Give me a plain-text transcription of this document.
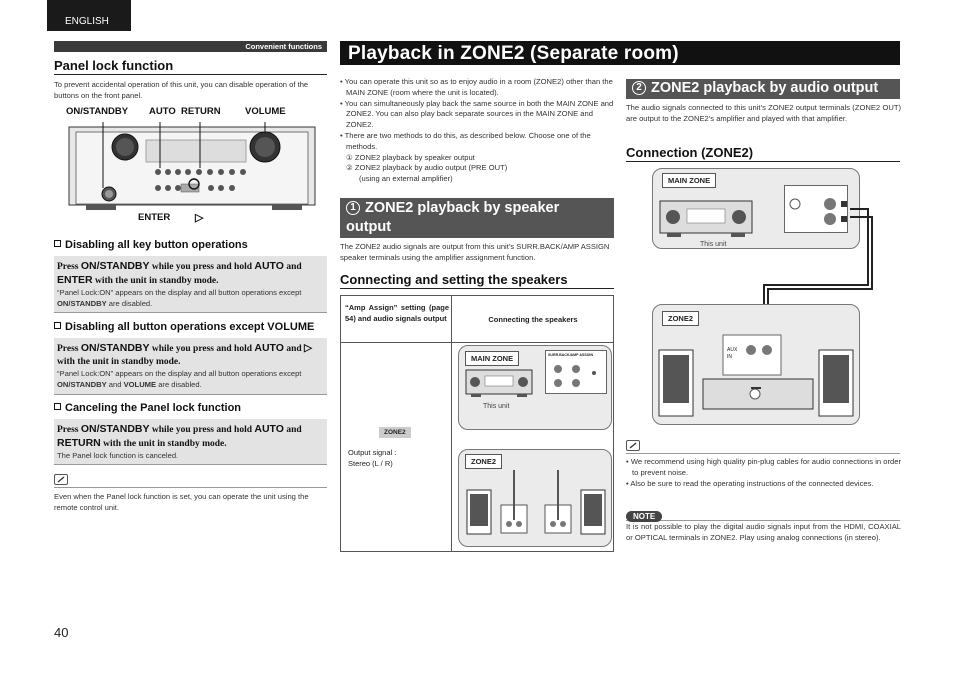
ENGLISH
Convenient functions	Playback in ZONE2 (Separate room)
Panel lock function
To prevent accidental operation of this unit, you can disable operation of the buttons on the front panel.
ON/STANDBY AUTO RETURN	VOLUME
ENTER ▷
Disabling all key button operations
Press ON/STANDBY while you press and hold AUTO and ENTER with the unit in standby mode.
“Panel Lock:ON” appears on the display and all button operations except ON/STANDBY are disabled.
Disabling all button operations except VOLUME
Press ON/STANDBY while you press and hold AUTO and ▷ with the unit in standby mode.
“Panel Lock:ON” appears on the display and all button operations except ON/STANDBY and VOLUME are disabled.
Canceling the Panel lock function
Press ON/STANDBY while you press and hold AUTO and RETURN with the unit in standby mode.
The Panel lock function is canceled.
Even when the Panel lock function is set, you can operate the unit using the remote control unit.
40
• You can operate this unit so as to enjoy audio in a room (ZONE2) other than the MAIN ZONE (room where the unit is located).
• You can simultaneously play back the same source in both the MAIN ZONE and ZONE2. You can also play back separate sources in the MAIN ZONE and ZONE2.
• There are two methods to do this, as described below. Choose one of the methods.
① ZONE2 playback by speaker output
② ZONE2 playback by audio output (PRE OUT)
(using an external amplifier)
1 ZONE2 playback by speaker output
The ZONE2 audio signals are output from this unit’s SURR.BACK/AMP ASSIGN speaker terminals using the amplifier assignment function.
Connecting and setting the speakers
“Amp Assign” setting (page 54) and audio signals output	Connecting the speakers
ZONE2
Output signal :
Stereo (L / R)
MAIN ZONE
This unit
SURR.BACK/AMP ASSIGN
ZONE2
2 ZONE2 playback by audio output
The audio signals connected to this unit’s ZONE2 output terminals (ZONE2 OUT) are output to the ZONE2’s amplifier and played with that amplifier.
Connection (ZONE2)
MAIN ZONE
This unit
ZONE2
AUX IN
• We recommend using high quality pin-plug cables for audio connections in order to prevent noise.
• Also be sure to read the operating instructions of the connected devices.
NOTE
It is not possible to play the digital audio signals input from the HDMI, COAXIAL or OPTICAL terminals in ZONE2. Play using analog connections (in stereo).
